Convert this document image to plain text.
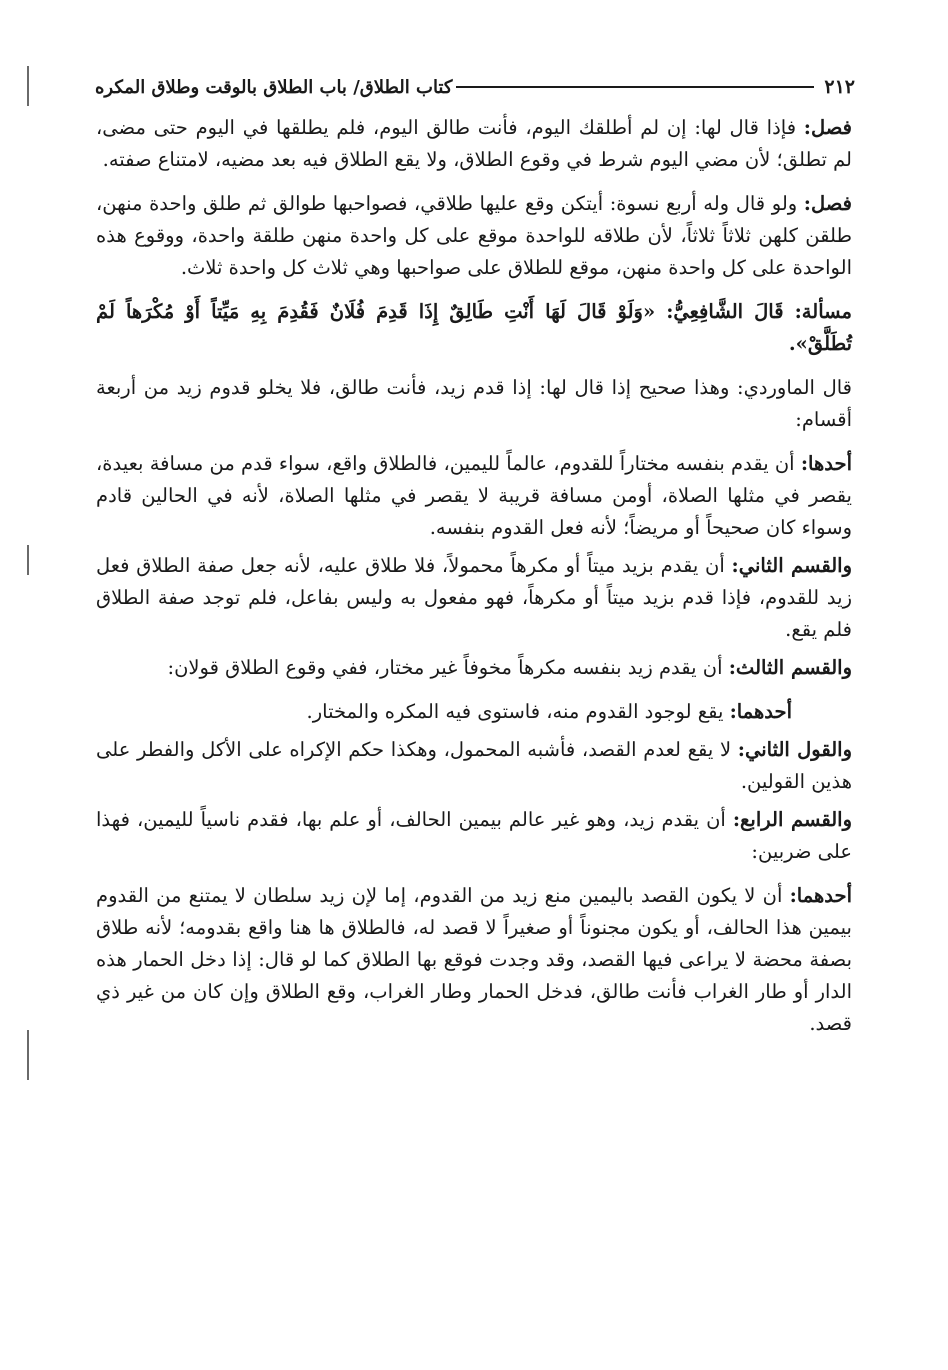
٢١٢
كتاب الطلاق/ باب الطلاق بالوقت وطلاق المكره

فصل: فإذا قال لها: إن لم أطلقك اليوم، فأنت طالق اليوم، فلم يطلقها في اليوم حتى مضى، لم تطلق؛ لأن مضي اليوم شرط في وقوع الطلاق، ولا يقع الطلاق فيه بعد مضيه، لامتناع صفته.

فصل: ولو قال وله أربع نسوة: أيتكن وقع عليها طلاقي، فصواحبها طوالق ثم طلق واحدة منهن، طلقن كلهن ثلاثاً ثلاثاً، لأن طلاقه للواحدة موقع على كل واحدة منهن طلقة واحدة، ووقوع هذه الواحدة على كل واحدة منهن، موقع للطلاق على صواحبها وهي ثلاث كل واحدة ثلاث.

مسألة: قَالَ الشَّافِعِيُّ: «وَلَوْ قَالَ لَهَا أَنْتِ طَالِقٌ إِذَا قَدِمَ فُلَانٌ فَقُدِمَ بِهِ مَيِّتاً أَوْ مُكْرَهاً لَمْ تُطَلَّقْ».

قال الماوردي: وهذا صحيح إذا قال لها: إذا قدم زيد، فأنت طالق، فلا يخلو قدوم زيد من أربعة أقسام:

أحدها: أن يقدم بنفسه مختاراً للقدوم، عالماً لليمين، فالطلاق واقع، سواء قدم من مسافة بعيدة، يقصر في مثلها الصلاة، أومن مسافة قريبة لا يقصر في مثلها الصلاة، لأنه في الحالين قادم وسواء كان صحيحاً أو مريضاً؛ لأنه فعل القدوم بنفسه.

والقسم الثاني: أن يقدم بزيد ميتاً أو مكرهاً محمولاً، فلا طلاق عليه، لأنه جعل صفة الطلاق فعل زيد للقدوم، فإذا قدم بزيد ميتاً أو مكرهاً، فهو مفعول به وليس بفاعل، فلم توجد صفة الطلاق فلم يقع.

والقسم الثالث: أن يقدم زيد بنفسه مكرهاً مخوفاً غير مختار، ففي وقوع الطلاق قولان:

أحدهما: يقع لوجود القدوم منه، فاستوى فيه المكره والمختار.

والقول الثاني: لا يقع لعدم القصد، فأشبه المحمول، وهكذا حكم الإكراه على الأكل والفطر على هذين القولين.

والقسم الرابع: أن يقدم زيد، وهو غير عالم بيمين الحالف، أو علم بها، فقدم ناسياً لليمين، فهذا على ضربين:

أحدهما: أن لا يكون القصد باليمين منع زيد من القدوم، إما لإن زيد سلطان لا يمتنع من القدوم بيمين هذا الحالف، أو يكون مجنوناً أو صغيراً لا قصد له، فالطلاق ها هنا واقع بقدومه؛ لأنه طلاق بصفة محضة لا يراعى فيها القصد، وقد وجدت فوقع بها الطلاق كما لو قال: إذا دخل الحمار هذه الدار أو طار الغراب فأنت طالق، فدخل الحمار وطار الغراب، وقع الطلاق وإن كان من غير ذي قصد.
